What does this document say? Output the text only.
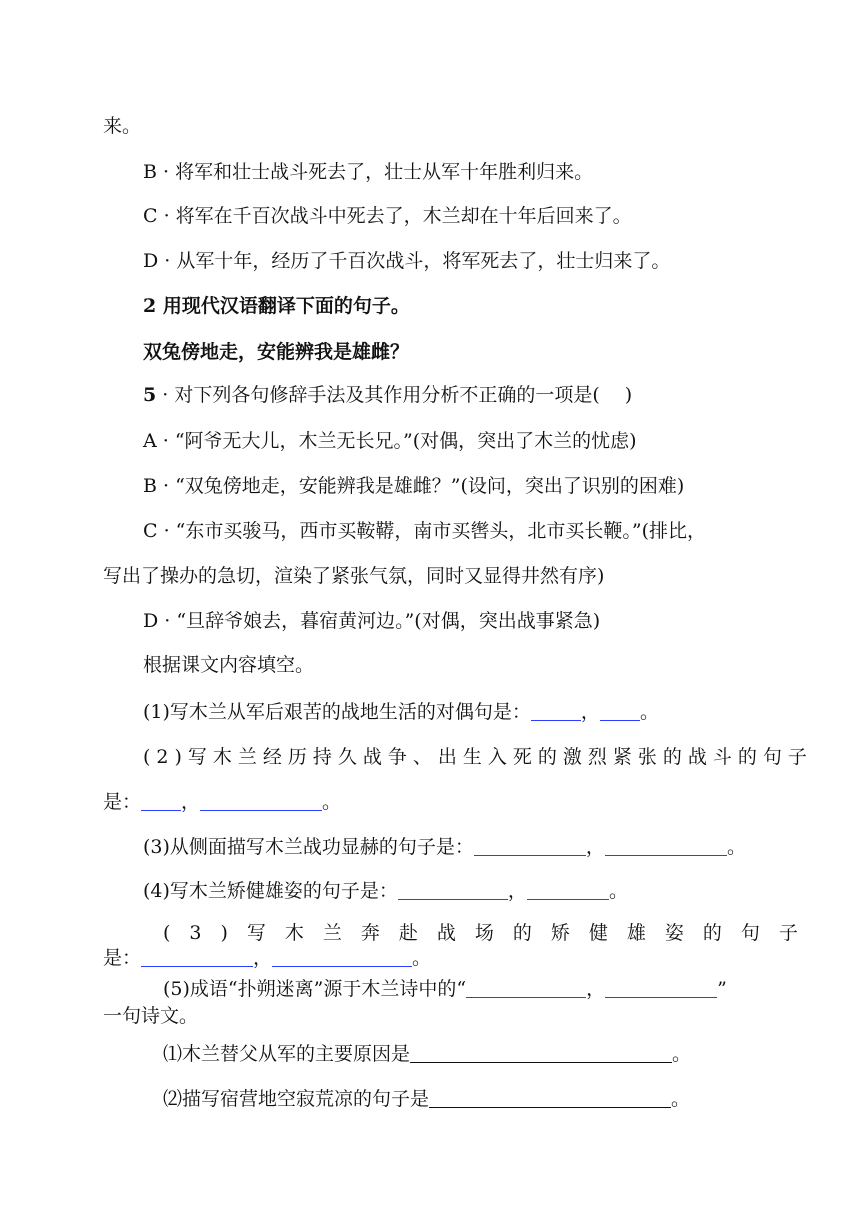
来。
B · 将军和壮士战斗死去了，壮士从军十年胜利归来。
C · 将军在千百次战斗中死去了，木兰却在十年后回来了。
D · 从军十年，经历了千百次战斗，将军死去了，壮士归来了。
2 用现代汉语翻译下面的句子。
双兔傍地走，安能辨我是雄雌？
5 · 对下列各句修辞手法及其作用分析不正确的一项是(　 )
A · “阿爷无大儿，木兰无长兄。”(对偶，突出了木兰的忧虑)
B · “双兔傍地走，安能辨我是雄雌？”(设问，突出了识别的困难)
C · “东市买骏马，西市买鞍鞯，南市买辔头，北市买长鞭。”(排比，
写出了操办的急切，渲染了紧张气氛，同时又显得井然有序)
D · “旦辞爷娘去，暮宿黄河边。”(对偶，突出战事紧急)
根据课文内容填空。
(1)写木兰从军后艰苦的战地生活的对偶句是：	， 。
(2)写木兰经历持久战争、出生入死的激烈紧张的战斗的句子
是： ，	。
(3)从侧面描写木兰战功显赫的句子是：	，	。
(4)写木兰矫健雄姿的句子是：	，	。
(3)写木兰奔赴战场的矫健雄姿的句子
是：	，	。
(5)成语“扑朔迷离”源于木兰诗中的“	，	”
一句诗文。
⑴木兰替父从军的主要原因是	。
⑵描写宿营地空寂荒凉的句子是	。
